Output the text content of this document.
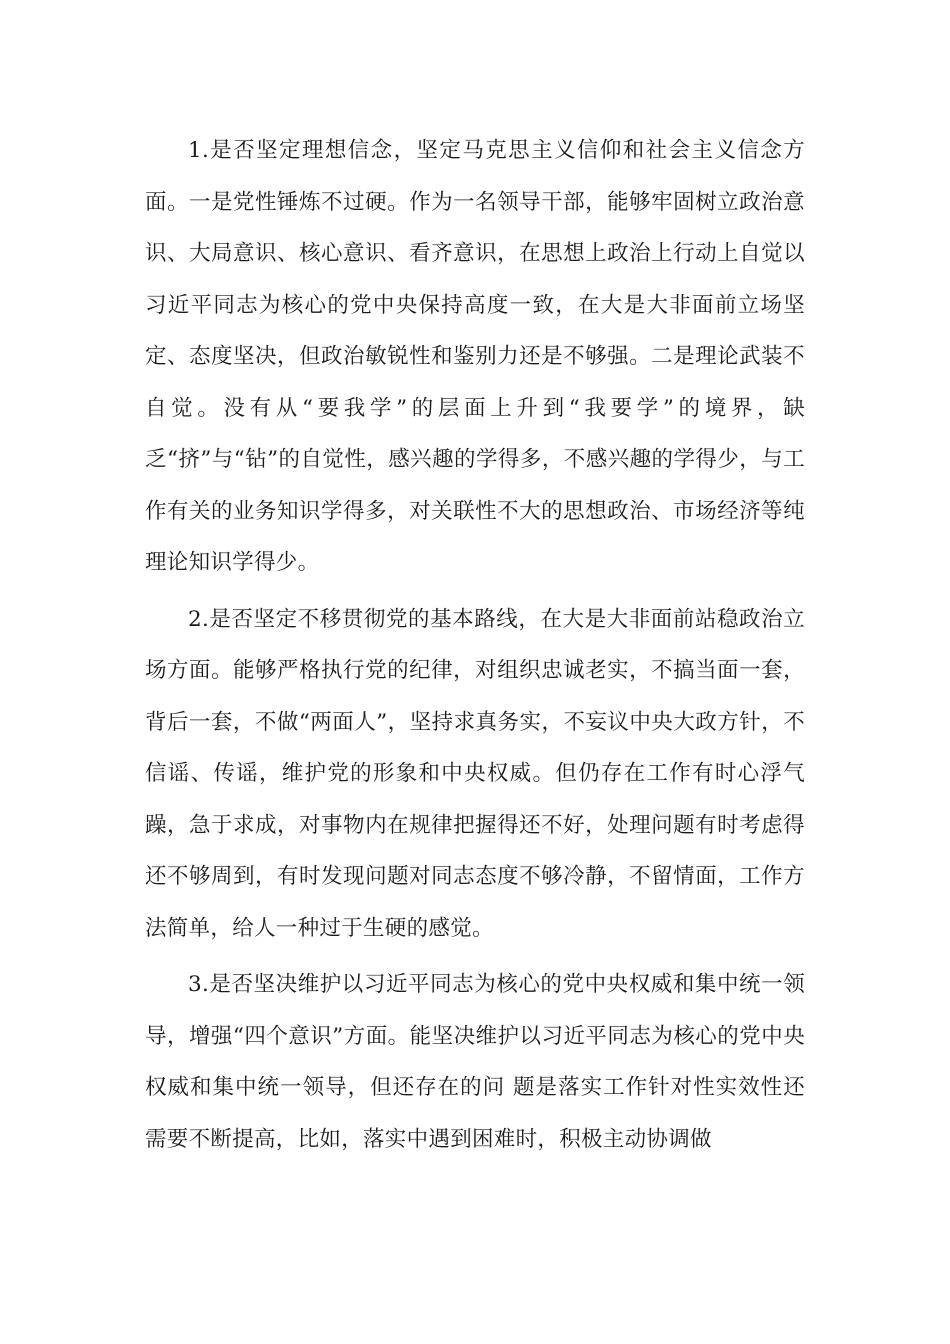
1.是否坚定理想信念，坚定马克思主义信仰和社会主义信念方面。一是党性锤炼不过硬。作为一名领导干部，能够牢固树立政治意识、大局意识、核心意识、看齐意识，在思想上政治上行动上自觉以习近平同志为核心的党中央保持高度一致，在大是大非面前立场坚定、态度坚决，但政治敏锐性和鉴别力还是不够强。二是理论武装不自觉。没有从“要我学”的层面上升到“我要学”的境界，缺乏“挤”与“钻”的自觉性，感兴趣的学得多，不感兴趣的学得少，与工作有关的业务知识学得多，对关联性不大的思想政治、市场经济等纯理论知识学得少。

2.是否坚定不移贯彻党的基本路线，在大是大非面前站稳政治立场方面。能够严格执行党的纪律，对组织忠诚老实，不搞当面一套，背后一套，不做“两面人”，坚持求真务实，不妄议中央大政方针，不信谣、传谣，维护党的形象和中央权威。但仍存在工作有时心浮气躁，急于求成，对事物内在规律把握得还不好，处理问题有时考虑得还不够周到，有时发现问题对同志态度不够冷静，不留情面，工作方法简单，给人一种过于生硬的感觉。

3.是否坚决维护以习近平同志为核心的党中央权威和集中统一领导，增强“四个意识”方面。能坚决维护以习近平同志为核心的党中央权威和集中统一领导，但还存在的问 题是落实工作针对性实效性还需要不断提高，比如，落实中遇到困难时，积极主动协调做
